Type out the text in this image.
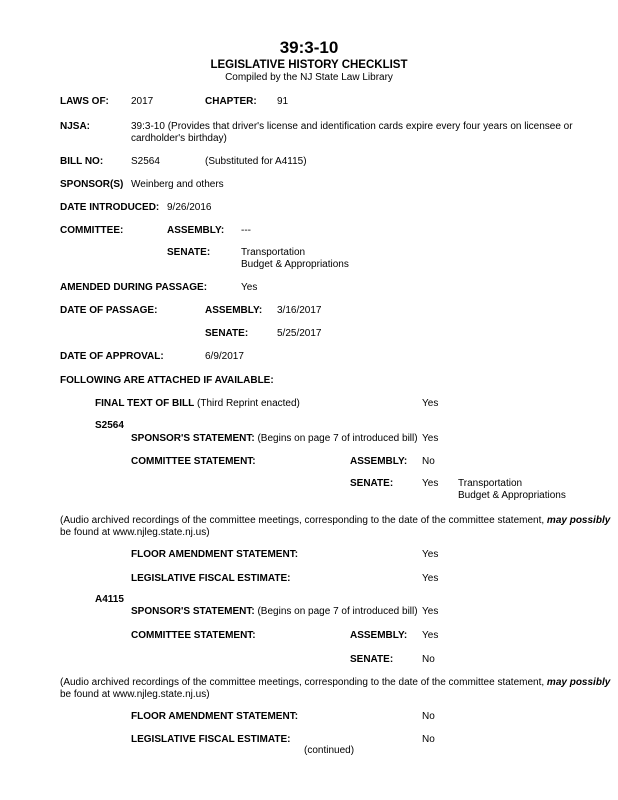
39:3-10
LEGISLATIVE HISTORY CHECKLIST
Compiled by the NJ State Law Library
LAWS OF: 2017	CHAPTER: 91
NJSA:	39:3-10 (Provides that driver's license and identification cards expire every four years on licensee or cardholder's birthday)
BILL NO:	S2564	(Substituted for A4115)
SPONSOR(S) Weinberg and others
DATE INTRODUCED: 9/26/2016
COMMITTEE:	ASSEMBLY: ---
SENATE:	Transportation
Budget & Appropriations
AMENDED DURING PASSAGE:	Yes
DATE OF PASSAGE:	ASSEMBLY: 3/16/2017
SENATE:	5/25/2017
DATE OF APPROVAL:	6/9/2017
FOLLOWING ARE ATTACHED IF AVAILABLE:
FINAL TEXT OF BILL (Third Reprint enacted)	Yes
S2564
SPONSOR'S STATEMENT: (Begins on page 7 of introduced bill) Yes
COMMITTEE STATEMENT:	ASSEMBLY: No
SENATE:	Yes Transportation
Budget & Appropriations
(Audio archived recordings of the committee meetings, corresponding to the date of the committee statement, may possibly
be found at www.njleg.state.nj.us)
FLOOR AMENDMENT STATEMENT:	Yes
LEGISLATIVE FISCAL ESTIMATE:	Yes
A4115
SPONSOR'S STATEMENT: (Begins on page 7 of introduced bill) Yes
COMMITTEE STATEMENT:	ASSEMBLY: Yes
SENATE:	No
(Audio archived recordings of the committee meetings, corresponding to the date of the committee statement, may possibly
be found at www.njleg.state.nj.us)
FLOOR AMENDMENT STATEMENT:	No
LEGISLATIVE FISCAL ESTIMATE:	No
(continued)
